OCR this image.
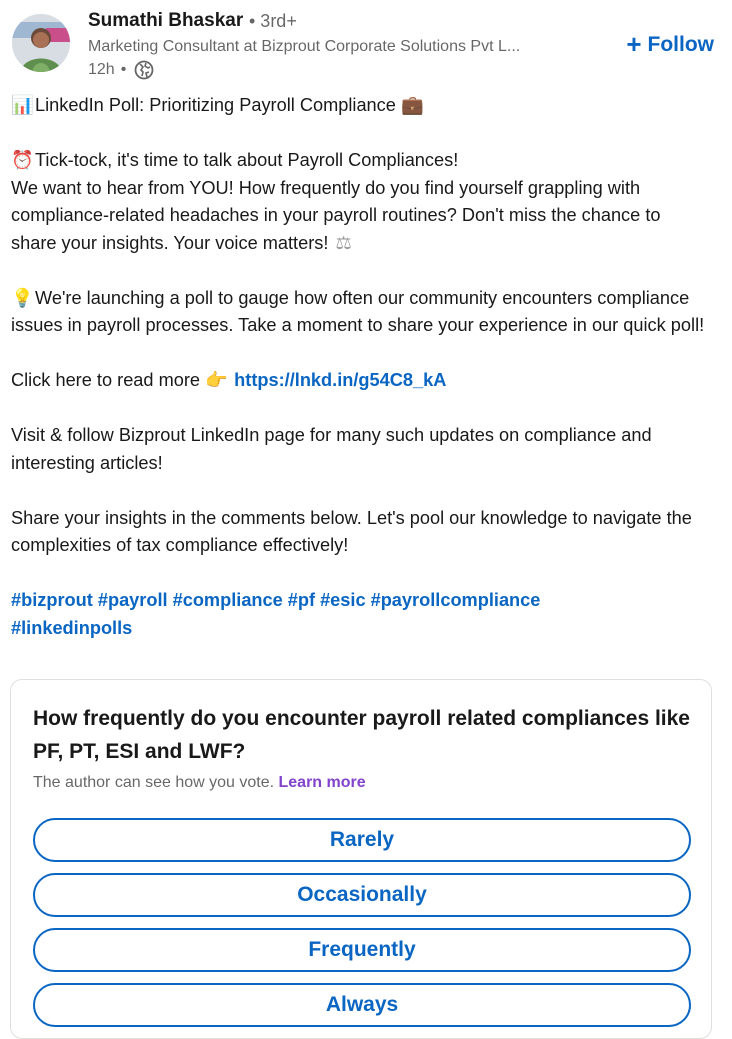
Sumathi Bhaskar • 3rd+
Marketing Consultant at Bizprout Corporate Solutions Pvt L...
12h •
+ Follow

📊LinkedIn Poll: Prioritizing Payroll Compliance 💼

⏰Tick-tock, it's time to talk about Payroll Compliances!
We want to hear from YOU! How frequently do you find yourself grappling with compliance-related headaches in your payroll routines? Don't miss the chance to share your insights. Your voice matters! ⚖

💡We're launching a poll to gauge how often our community encounters compliance issues in payroll processes. Take a moment to share your experience in our quick poll!

Click here to read more 👉 https://lnkd.in/g54C8_kA

Visit & follow Bizprout LinkedIn page for many such updates on compliance and interesting articles!

Share your insights in the comments below. Let's pool our knowledge to navigate the complexities of tax compliance effectively!

#bizprout #payroll #compliance #pf #esic #payrollcompliance
#linkedinpolls

How frequently do you encounter payroll related compliances like PF, PT, ESI and LWF?
The author can see how you vote. Learn more
Rarely
Occasionally
Frequently
Always
